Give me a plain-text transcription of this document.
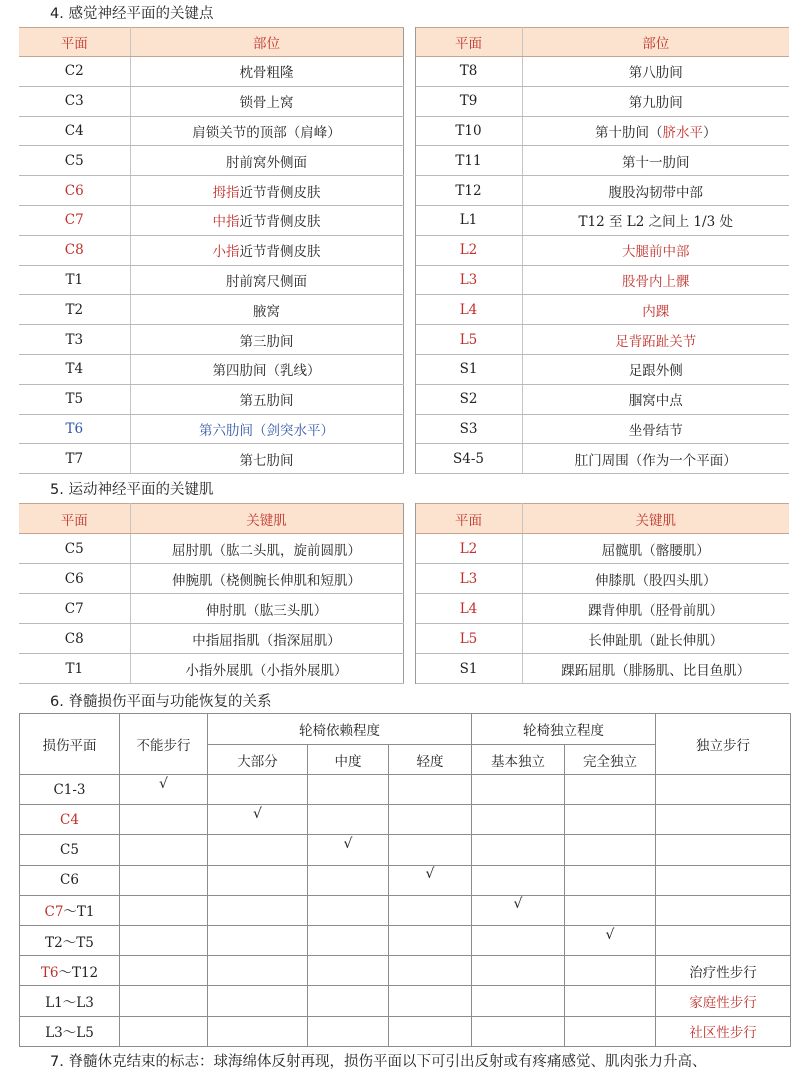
4. 感觉神经平面的关键点
平面	部位		平面	部位
C2	枕骨粗隆		T8	第八肋间
C3	锁骨上窝		T9	第九肋间
C4	肩锁关节的顶部（肩峰）		T10	第十肋间（脐水平）
C5	肘前窝外侧面		T11	第十一肋间
C6	拇指近节背侧皮肤		T12	腹股沟韧带中部
C7	中指近节背侧皮肤		L1	T12 至 L2 之间上 1/3 处
C8	小指近节背侧皮肤		L2	大腿前中部
T1	肘前窝尺侧面		L3	股骨内上髁
T2	腋窝		L4	内踝
T3	第三肋间		L5	足背跖趾关节
T4	第四肋间（乳线）		S1	足跟外侧
T5	第五肋间		S2	腘窝中点
T6	第六肋间（剑突水平）		S3	坐骨结节
T7	第七肋间		S4-5	肛门周围（作为一个平面）
5. 运动神经平面的关键肌
平面	关键肌		平面	关键肌
C5	屈肘肌（肱二头肌，旋前圆肌）		L2	屈髋肌（髂腰肌）
C6	伸腕肌（桡侧腕长伸肌和短肌）		L3	伸膝肌（股四头肌）
C7	伸肘肌（肱三头肌）		L4	踝背伸肌（胫骨前肌）
C8	中指屈指肌（指深屈肌）		L5	长伸趾肌（趾长伸肌）
T1	小指外展肌（小指外展肌）		S1	踝跖屈肌（腓肠肌、比目鱼肌）
6. 脊髓损伤平面与功能恢复的关系
损伤平面	不能步行	轮椅依赖程度			轮椅独立程度		独立步行
		大部分	中度	轻度	基本独立	完全独立	
C1-3	√						
C4		√					
C5			√				
C6				√			
C7～T1					√		
T2～T5						√	
T6～T12							治疗性步行
L1～L3							家庭性步行
L3～L5							社区性步行
7. 脊髓休克结束的标志：球海绵体反射再现，损伤平面以下可引出反射或有疼痛感觉、肌肉张力升高、
